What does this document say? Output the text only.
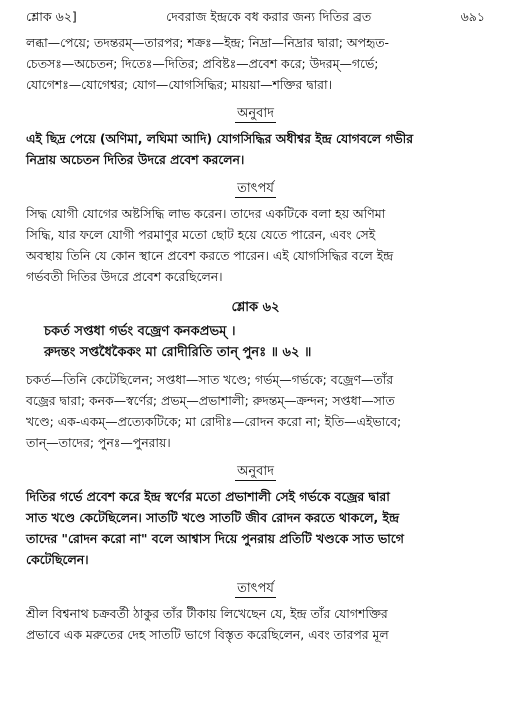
শ্লোক ৬২]	দেবরাজ ইন্দ্রকে বধ করার জন্য দিতির ব্রত	৬৯১

লব্ধা—পেয়ে; তদন্তরম্—তারপর; শক্রঃ—ইন্দ্র; নিদ্রা—নিদ্রার দ্বারা; অপহৃত-

চেতসঃ—অচেতন; দিতেঃ—দিতির; প্রবিষ্টঃ—প্রবেশ করে; উদরম্—গর্ভে;

যোগেশঃ—যোগেশ্বর; যোগ—যোগসিদ্ধির; মায়য়া—শক্তির দ্বারা।

অনুবাদ

এই ছিদ্র পেয়ে (অণিমা, লঘিমা আদি) যোগসিদ্ধির অধীশ্বর ইন্দ্র যোগবলে গভীর

নিদ্রায় অচেতন দিতির উদরে প্রবেশ করলেন।

তাৎপর্য

সিদ্ধ যোগী যোগের অষ্টসিদ্ধি লাভ করেন। তাদের একটিকে বলা হয় অণিমা

সিদ্ধি, যার ফলে যোগী পরমাণুর মতো ছোট হয়ে যেতে পারেন, এবং সেই

অবস্থায় তিনি যে কোন স্থানে প্রবেশ করতে পারেন। এই যোগসিদ্ধির বলে ইন্দ্র

গর্ভবতী দিতির উদরে প্রবেশ করেছিলেন।

শ্লোক ৬২

চকর্ত সপ্তধা গর্ভং বজ্রেণ কনকপ্রভম্ ।

রুদন্তং সপ্তধৈকৈকং মা রোদীরিতি তান্ পুনঃ ॥ ৬২ ॥

চকর্ত—তিনি কেটেছিলেন; সপ্তধা—সাত খণ্ডে; গর্ভম্—গর্ভকে; বজ্রেণ—তাঁর

বজ্রের দ্বারা; কনক—স্বর্ণের; প্রভম্—প্রভাশালী; রুদন্তম্—ক্রন্দন; সপ্তধা—সাত

খণ্ডে; এক-একম্—প্রত্যেকটিকে; মা রোদীঃ—রোদন করো না; ইতি—এইভাবে;

তান্—তাদের; পুনঃ—পুনরায়।

অনুবাদ

দিতির গর্ভে প্রবেশ করে ইন্দ্র স্বর্ণের মতো প্রভাশালী সেই গর্ভকে বজ্রের দ্বারা

সাত খণ্ডে কেটেছিলেন। সাতটি খণ্ডে সাতটি জীব রোদন করতে থাকলে, ইন্দ্র

তাদের "রোদন করো না" বলে আশ্বাস দিয়ে পুনরায় প্রতিটি খণ্ডকে সাত ভাগে

কেটেছিলেন।

তাৎপর্য

শ্রীল বিশ্বনাথ চক্রবর্তী ঠাকুর তাঁর টীকায় লিখেছেন যে, ইন্দ্র তাঁর যোগশক্তির

প্রভাবে এক মরুতের দেহ সাতটি ভাগে বিস্তৃত করেছিলেন, এবং তারপর মূল
